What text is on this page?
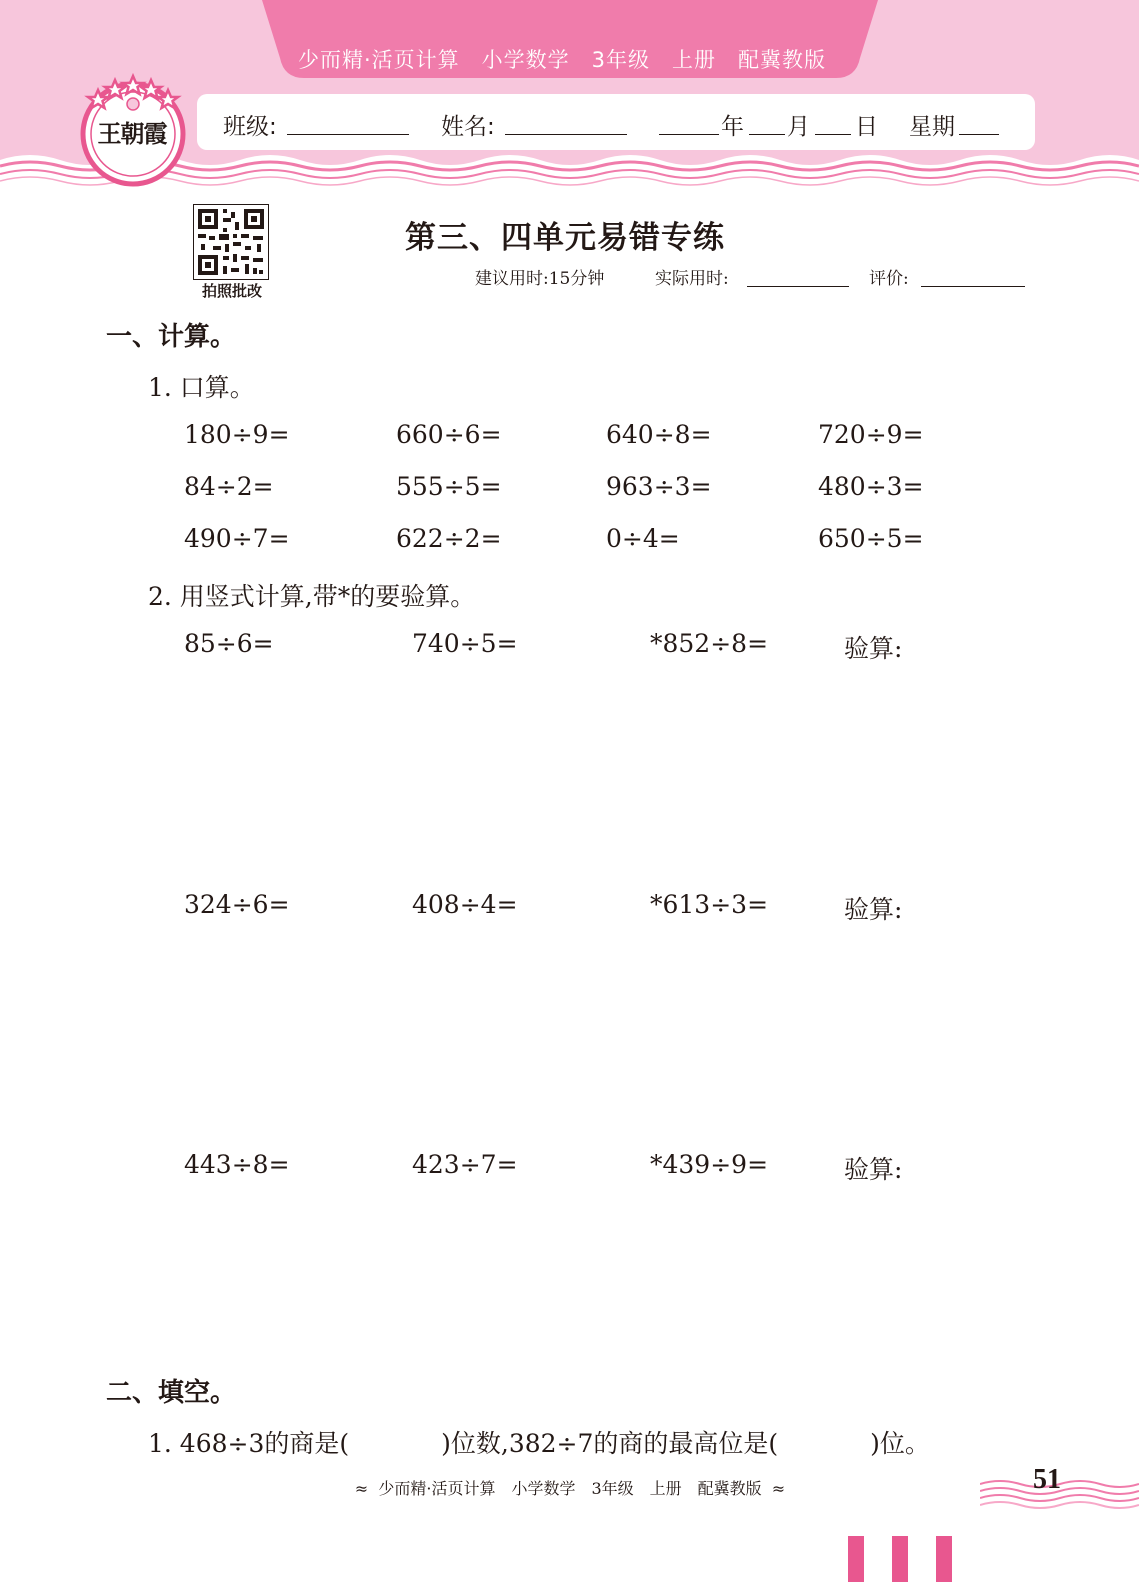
少而精·活页计算　小学数学　3年级　上册　配冀教版
王朝霞	班级:	姓名:	年 月 日 星期
拍照批改
第三、四单元易错专练
建议用时:15分钟	实际用时:	评价:
一、计算。
1. 口算。
180÷9=	660÷6=	640÷8=	720÷9=
84÷2=	555÷5=	963÷3=	480÷3=
490÷7=	622÷2=	0÷4=	650÷5=
2. 用竖式计算,带*的要验算。
85÷6=	740÷5=	*852÷8=	验算:
324÷6=	408÷4=	*613÷3=	验算:
443÷8=	423÷7=	*439÷9=	验算:
二、填空。
1. 468÷3的商是(	)位数,382÷7的商的最高位是(	)位。
≈  少而精·活页计算　小学数学　3年级　上册　配冀教版  ≈	51
